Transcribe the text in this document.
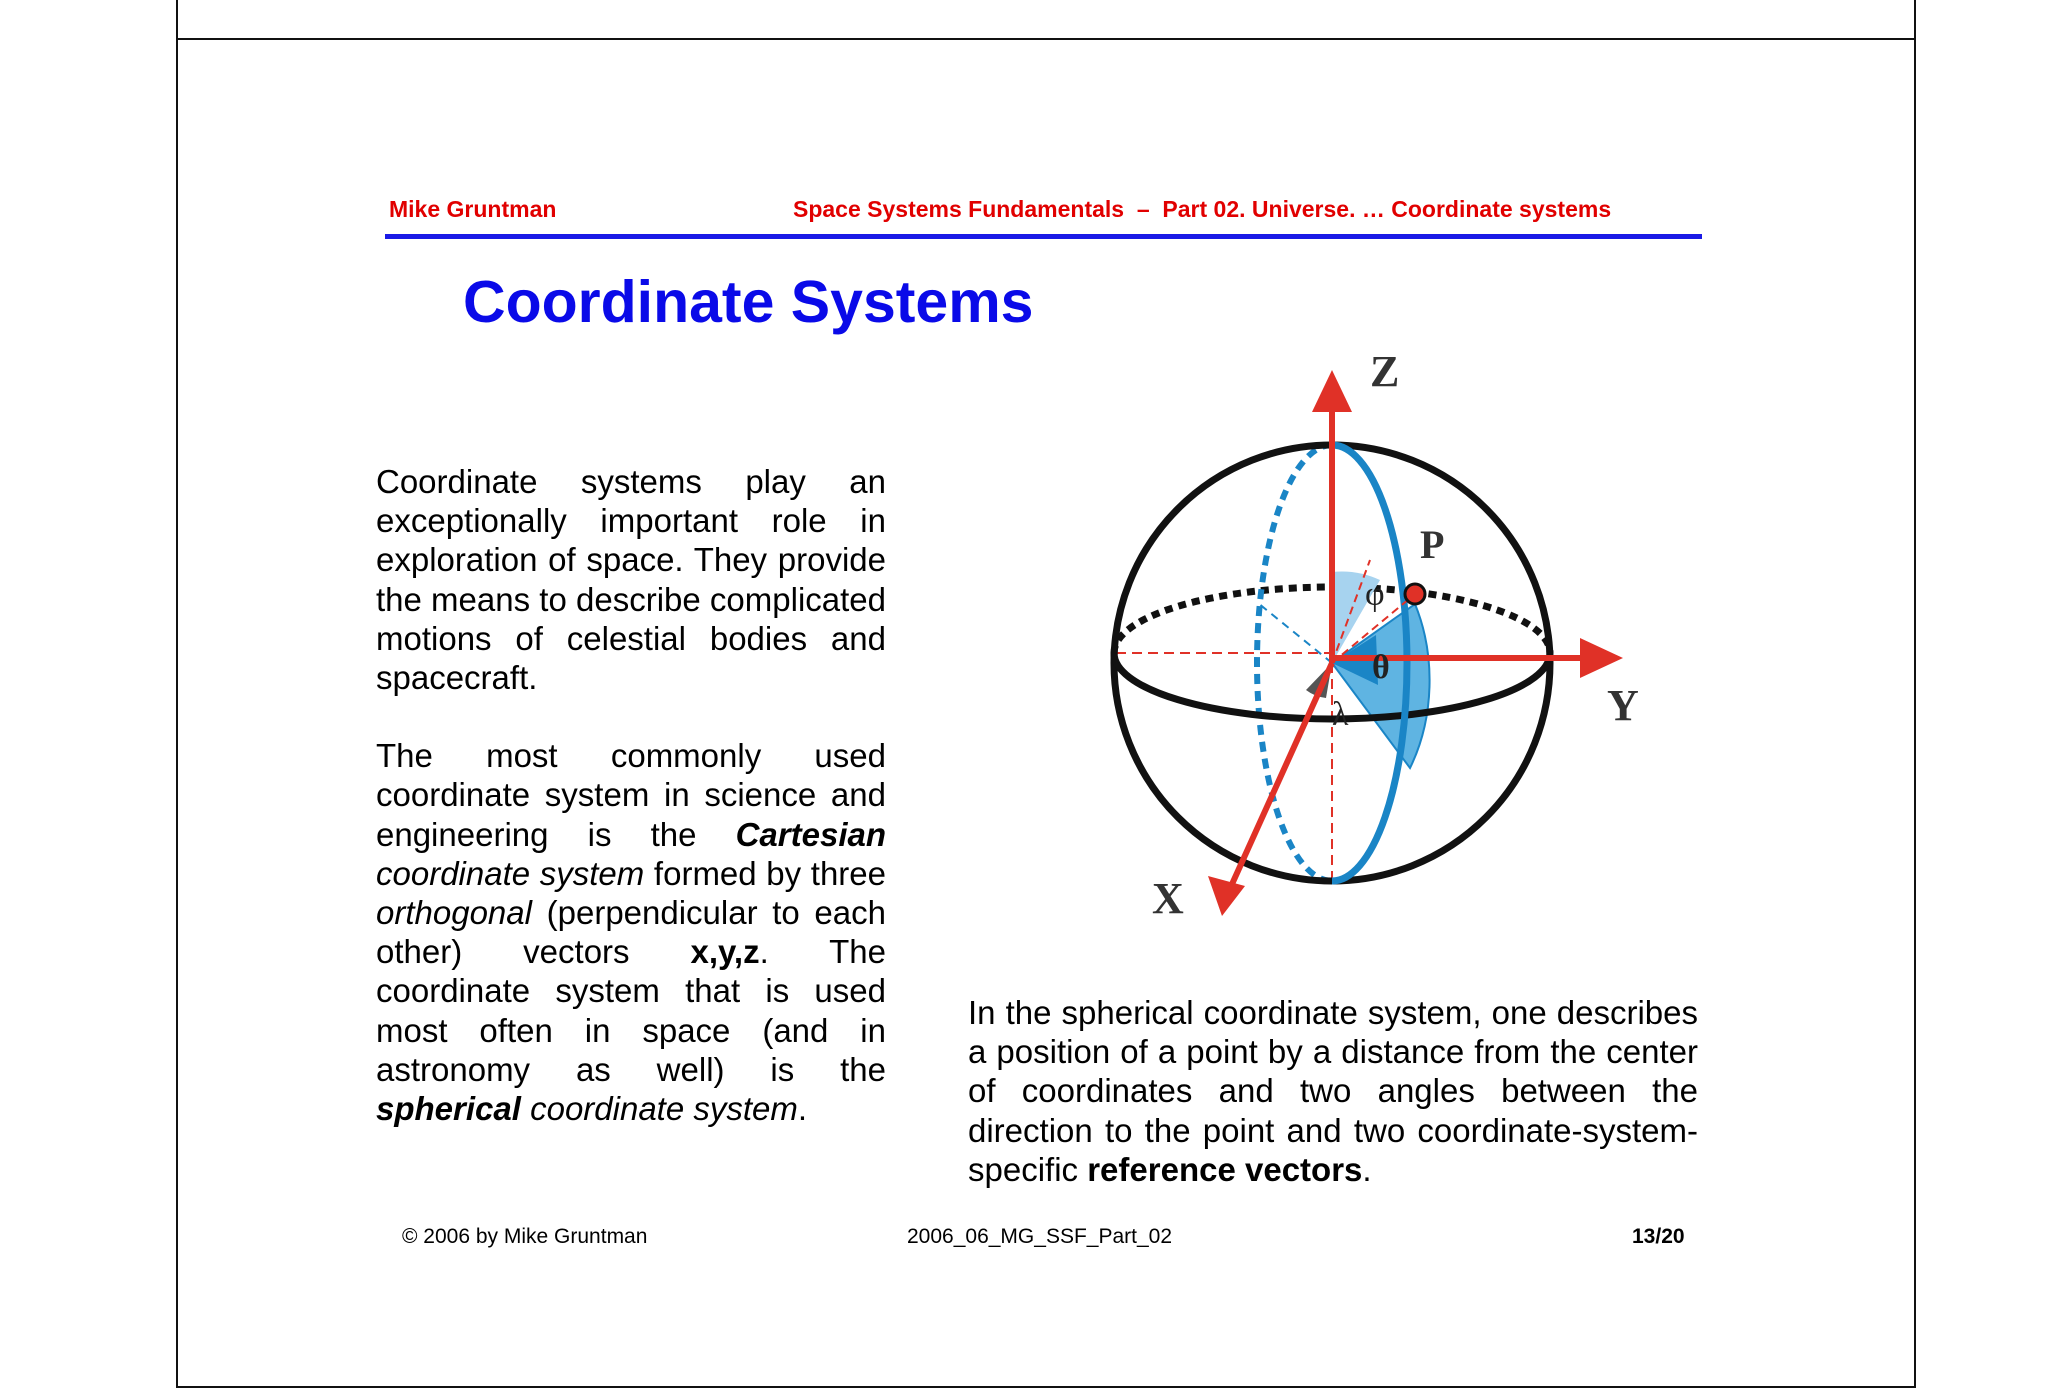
Mike Gruntman	Space Systems Fundamentals  –  Part 02. Universe. … Coordinate systems
Coordinate Systems

Coordinate systems play an exceptionally important role in exploration of space. They provide the means to describe complicated motions of celestial bodies and spacecraft.

The most commonly used coordinate system in science and engineering is the Cartesian coordinate system formed by three orthogonal (perpendicular to each other) vectors x,y,z. The coordinate system that is used most often in space (and in astronomy as well) is the spherical coordinate system.

Z
Y
X
P
φ
θ
λ

In the spherical coordinate system, one describes a position of a point by a distance from the center of coordinates and two angles between the direction to the point and two coordinate-system-specific reference vectors.

© 2006 by Mike Gruntman	2006_06_MG_SSF_Part_02	13/20
